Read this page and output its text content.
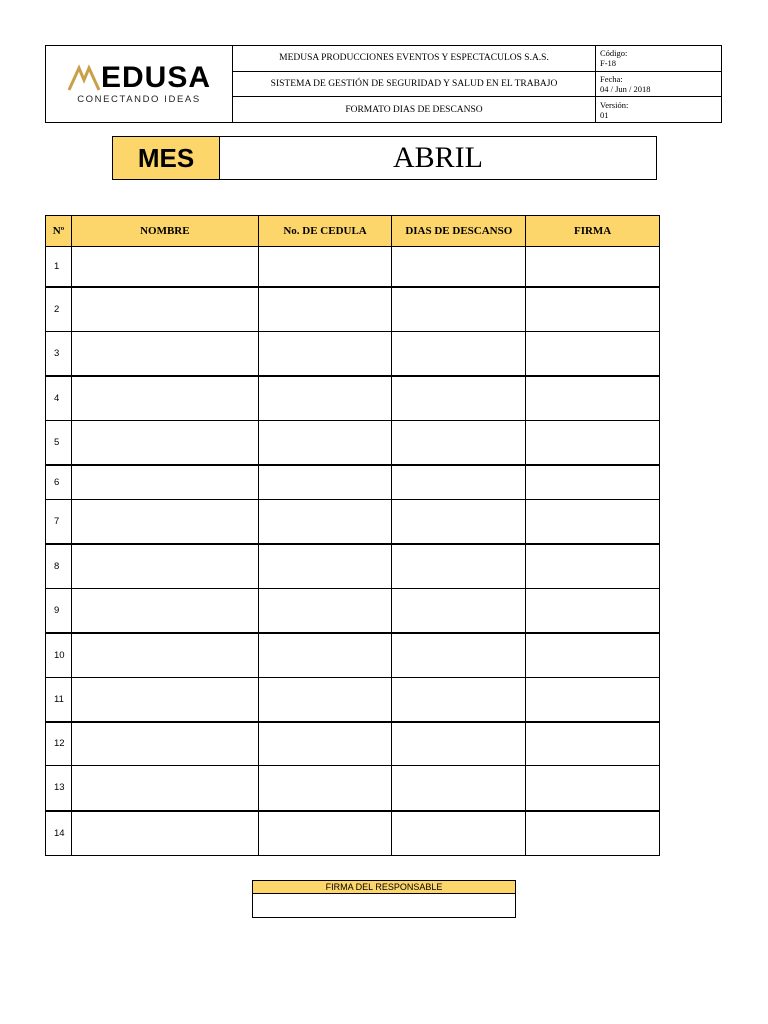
EDUSA
CONECTANDO IDEAS
MEDUSA PRODUCCIONES EVENTOS Y ESPECTACULOS S.A.S.
SISTEMA DE GESTIÓN DE SEGURIDAD Y SALUD EN EL TRABAJO
FORMATO DIAS DE DESCANSO
Código:
F-18
Fecha:
04 / Jun / 2018
Versión:
01
MES	ABRIL
Nº	NOMBRE	No. DE CEDULA	DIAS DE DESCANSO	FIRMA
1				
2				
3				
4				
5				
6				
7				
8				
9				
10				
11				
12				
13				
14				
FIRMA DEL RESPONSABLE
